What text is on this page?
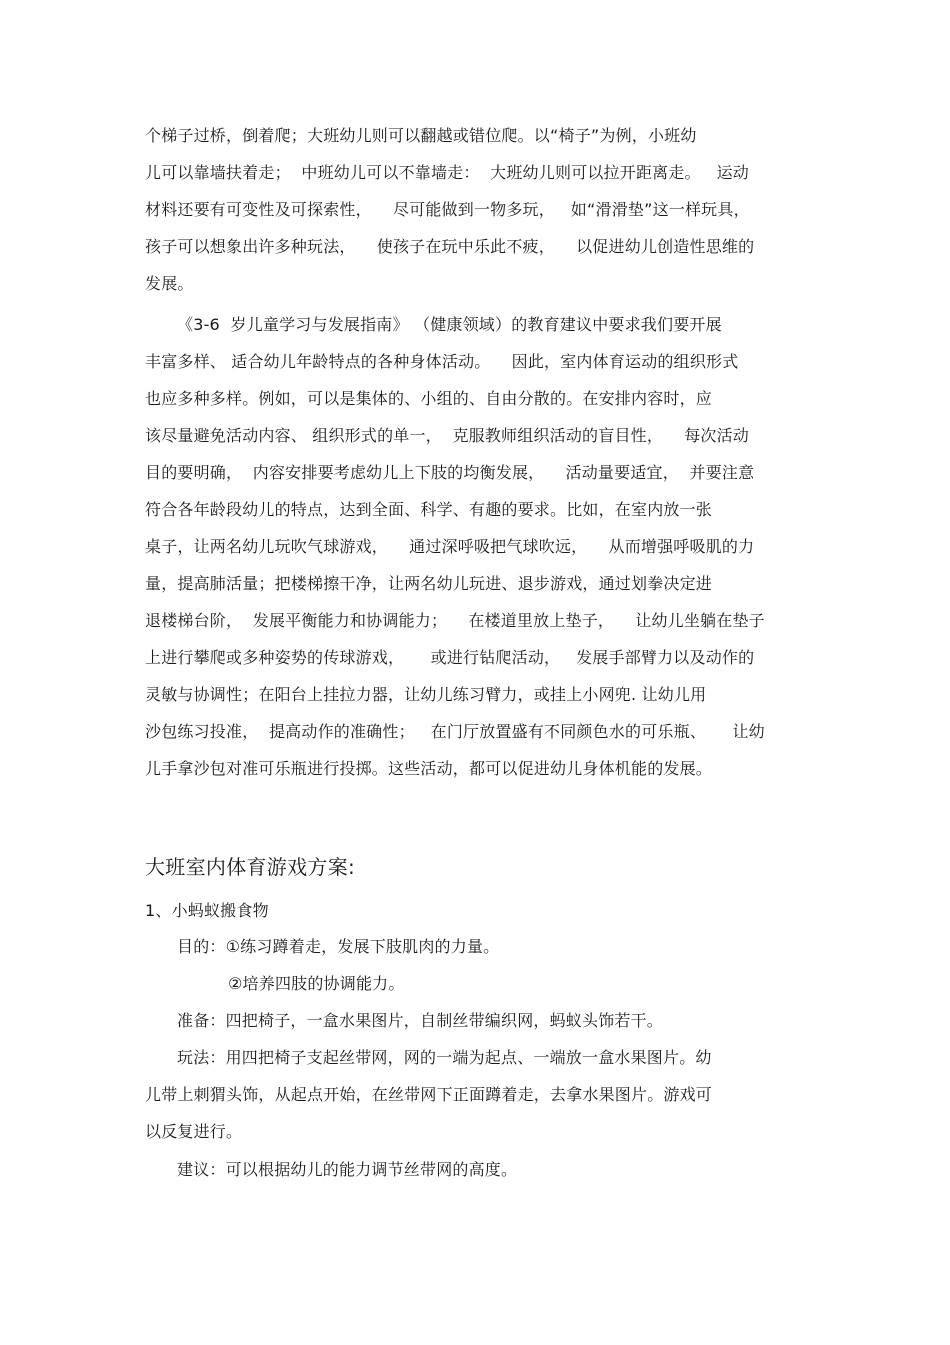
个梯子过桥，倒着爬；大班幼儿则可以翻越或错位爬。以“椅子”为例，小班幼
儿可以靠墙扶着走；  中班幼儿可以不靠墙走：  大班幼儿则可以拉开距离走。   运动
材料还要有可变性及可探索性，    尽可能做到一物多玩，   如“滑滑垫”这一样玩具，
孩子可以想象出许多种玩法，    使孩子在玩中乐此不疲，    以促进幼儿创造性思维的
发展。
《3-6  岁儿童学习与发展指南》 （健康领域）的教育建议中要求我们要开展
丰富多样、 适合幼儿年龄特点的各种身体活动。    因此，室内体育运动的组织形式
也应多种多样。例如，可以是集体的、小组的、自由分散的。在安排内容时，应
该尽量避免活动内容、 组织形式的单一，  克服教师组织活动的盲目性，    每次活动
目的要明确，  内容安排要考虑幼儿上下肢的均衡发展，    活动量要适宜，  并要注意
符合各年龄段幼儿的特点，达到全面、科学、有趣的要求。比如，在室内放一张
桌子，让两名幼儿玩吹气球游戏，    通过深呼吸把气球吹远，    从而增强呼吸肌的力
量，提高肺活量；把楼梯擦干净，让两名幼儿玩进、退步游戏，通过划拳决定进
退楼梯台阶，  发展平衡能力和协调能力；    在楼道里放上垫子，    让幼儿坐躺在垫子
上进行攀爬或多种姿势的传球游戏，     或进行钻爬活动，   发展手部臂力以及动作的
灵敏与协调性；在阳台上挂拉力器，让幼儿练习臂力，或挂上小网兜. 让幼儿用
沙包练习投准，  提高动作的准确性；   在门厅放置盛有不同颜色水的可乐瓶、     让幼
儿手拿沙包对准可乐瓶进行投掷。这些活动，都可以促进幼儿身体机能的发展。
大班室内体育游戏方案:
1、小蚂蚁搬食物
目的：①练习蹲着走，发展下肢肌肉的力量。
②培养四肢的协调能力。
准备：四把椅子，一盒水果图片，自制丝带编织网，蚂蚁头饰若干。
玩法：用四把椅子支起丝带网，网的一端为起点、一端放一盒水果图片。幼
儿带上刺猬头饰，从起点开始，在丝带网下正面蹲着走，去拿水果图片。游戏可
以反复进行。
建议：可以根据幼儿的能力调节丝带网的高度。
